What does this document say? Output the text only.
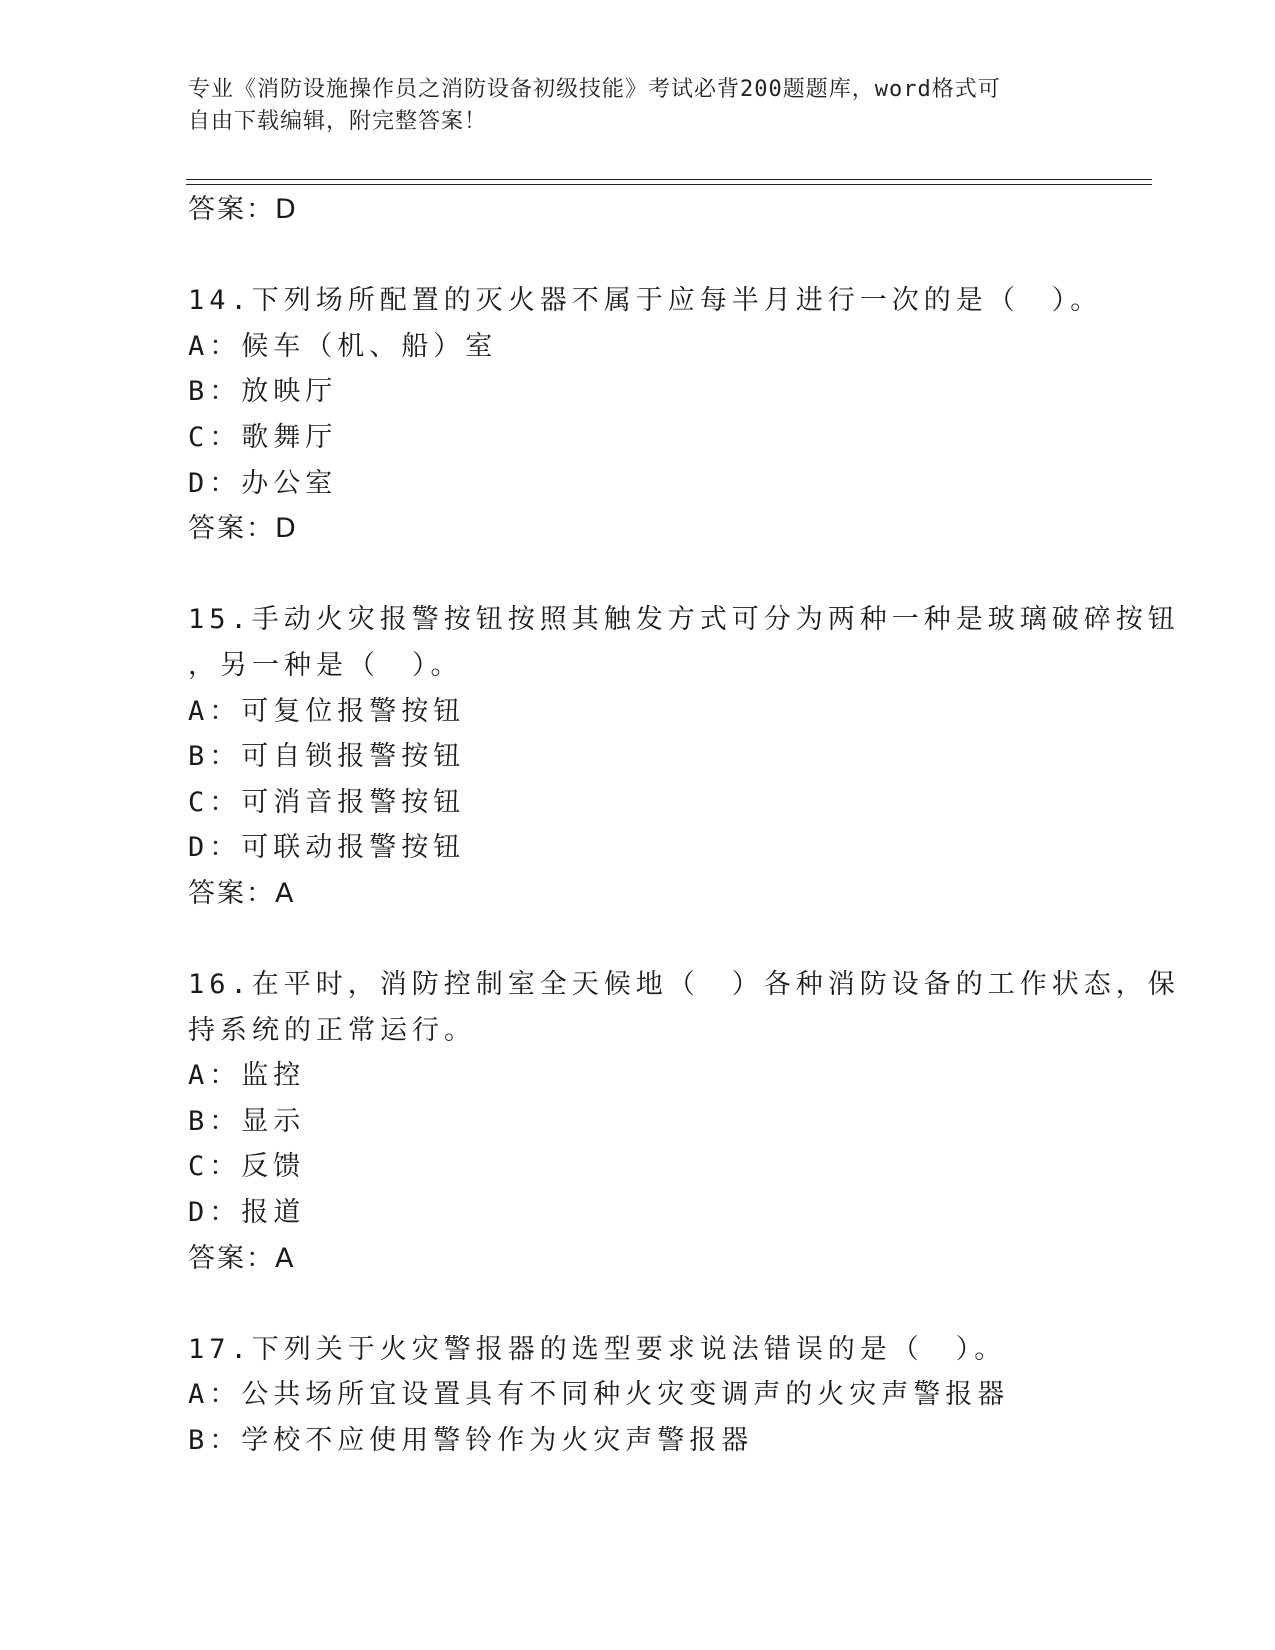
专业《消防设施操作员之消防设备初级技能》考试必背200题题库，word格式可
自由下载编辑，附完整答案！
答案：D
14.下列场所配置的灭火器不属于应每半月进行一次的是（　）。
A：候车（机、船）室
B：放映厅
C：歌舞厅
D：办公室
答案：D
15.手动火灾报警按钮按照其触发方式可分为两种一种是玻璃破碎按钮
，另一种是（　）。
A：可复位报警按钮
B：可自锁报警按钮
C：可消音报警按钮
D：可联动报警按钮
答案：A
16.在平时，消防控制室全天候地（　）各种消防设备的工作状态，保
持系统的正常运行。
A：监控
B：显示
C：反馈
D：报道
答案：A
17.下列关于火灾警报器的选型要求说法错误的是（　）。
A：公共场所宜设置具有不同种火灾变调声的火灾声警报器
B：学校不应使用警铃作为火灾声警报器
